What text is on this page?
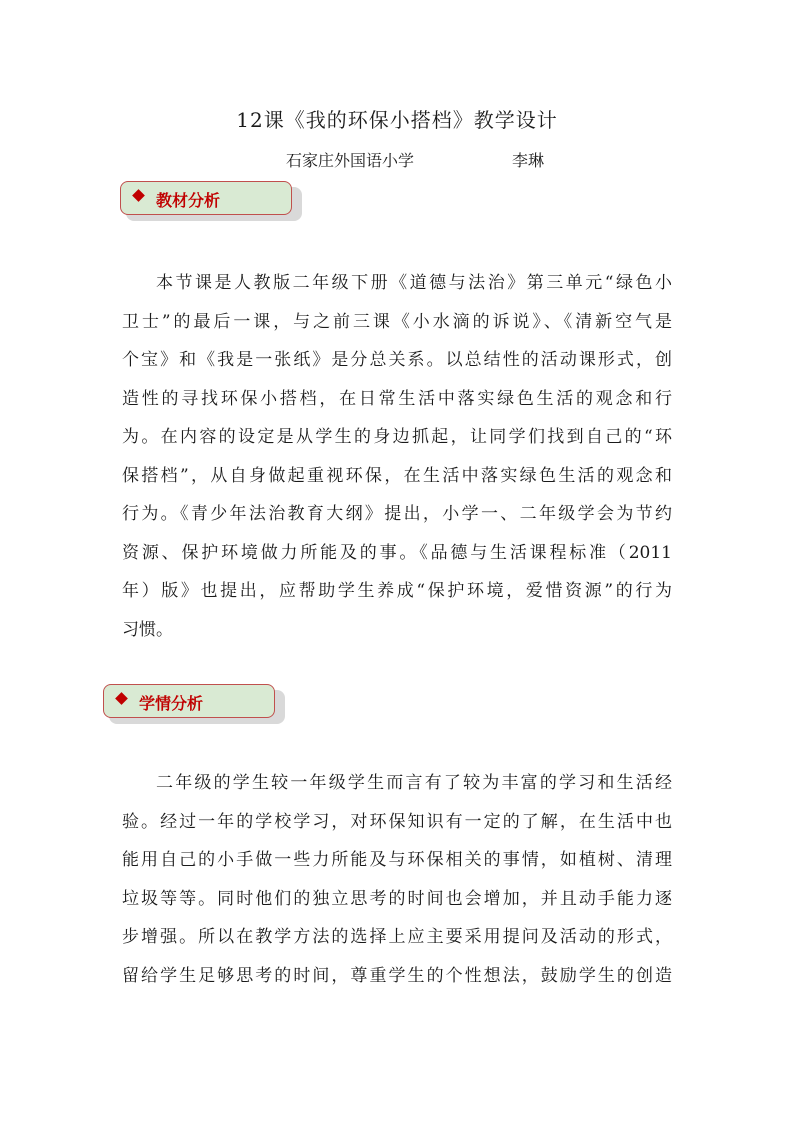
12课《我的环保小搭档》教学设计
石家庄外国语小学	李琳
教材分析
本节课是人教版二年级下册《道德与法治》第三单元“绿色小
卫士”的最后一课，与之前三课《小水滴的诉说》、《清新空气是
个宝》和《我是一张纸》是分总关系。以总结性的活动课形式，创
造性的寻找环保小搭档，在日常生活中落实绿色生活的观念和行
为。在内容的设定是从学生的身边抓起，让同学们找到自己的“环
保搭档”，从自身做起重视环保，在生活中落实绿色生活的观念和
行为。《青少年法治教育大纲》提出，小学一、二年级学会为节约
资源、保护环境做力所能及的事。《品德与生活课程标准（2011
年）版》也提出，应帮助学生养成“保护环境，爱惜资源”的行为
习惯。
学情分析
二年级的学生较一年级学生而言有了较为丰富的学习和生活经
验。经过一年的学校学习，对环保知识有一定的了解，在生活中也
能用自己的小手做一些力所能及与环保相关的事情，如植树、清理
垃圾等等。同时他们的独立思考的时间也会增加，并且动手能力逐
步增强。所以在教学方法的选择上应主要采用提问及活动的形式，
留给学生足够思考的时间，尊重学生的个性想法，鼓励学生的创造
